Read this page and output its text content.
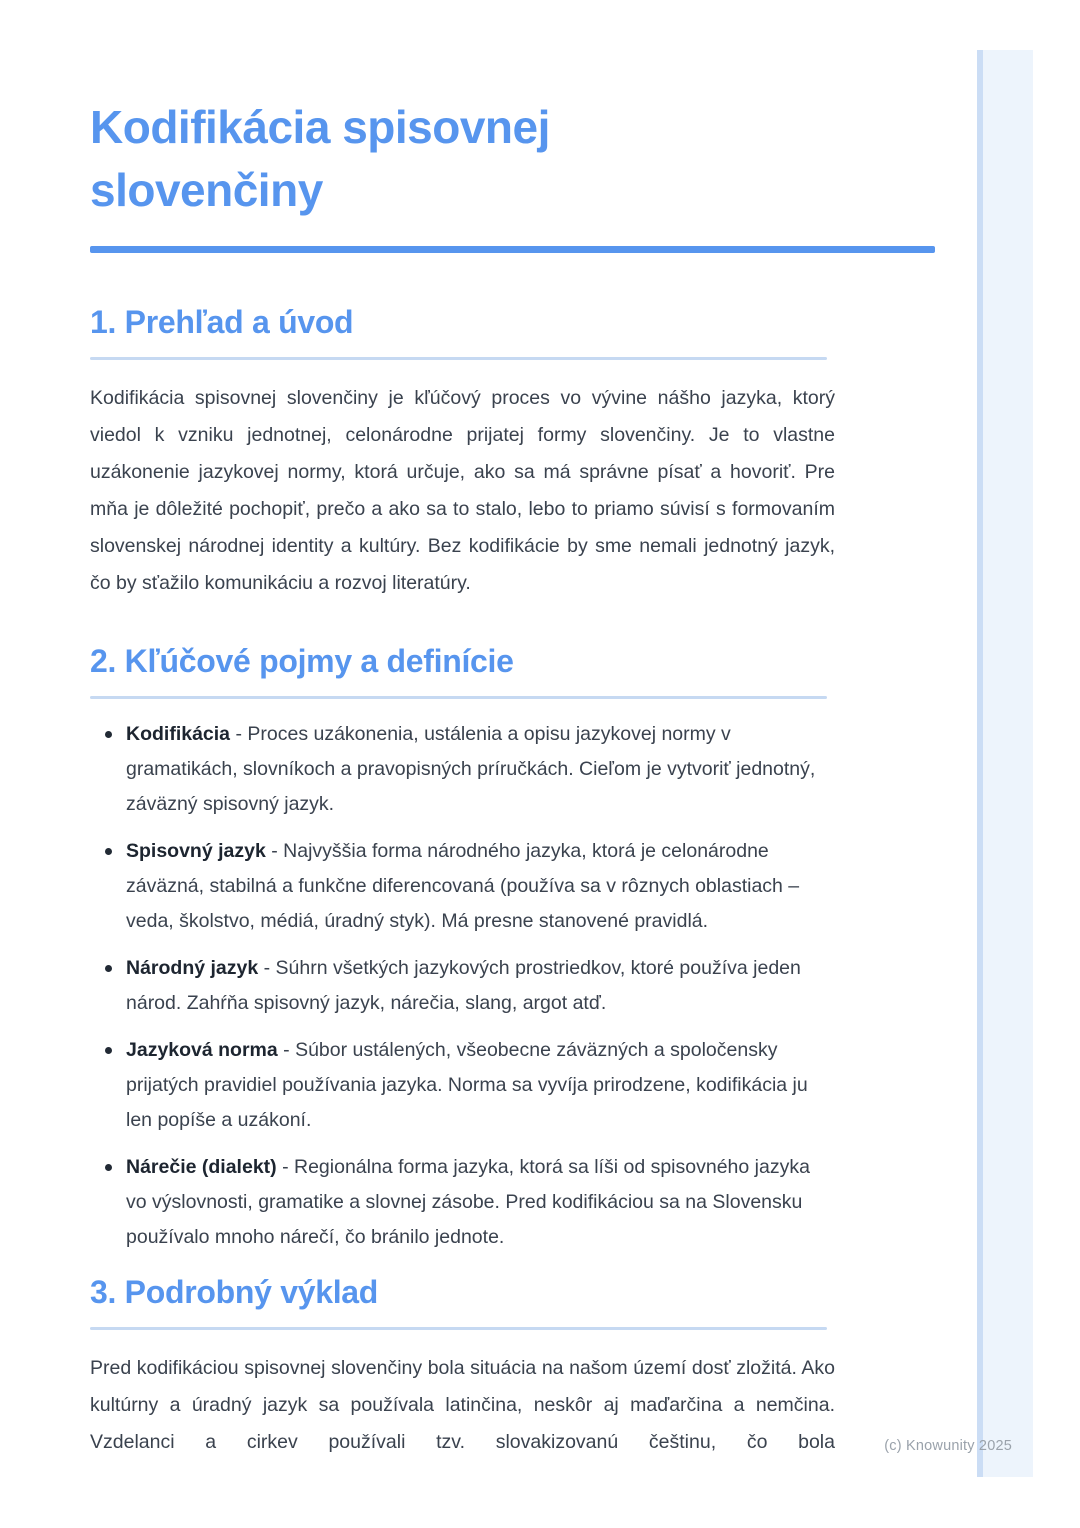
Kodifikácia spisovnej slovenčiny
1. Prehľad a úvod

Kodifikácia spisovnej slovenčiny je kľúčový proces vo vývine nášho jazyka, ktorý viedol k vzniku jednotnej, celonárodne prijatej formy slovenčiny. Je to vlastne uzákonenie jazykovej normy, ktorá určuje, ako sa má správne písať a hovoriť. Pre mňa je dôležité pochopiť, prečo a ako sa to stalo, lebo to priamo súvisí s formovaním slovenskej národnej identity a kultúry. Bez kodifikácie by sme nemali jednotný jazyk, čo by sťažilo komunikáciu a rozvoj literatúry.

2. Kľúčové pojmy a definície
Kodifikácia - Proces uzákonenia, ustálenia a opisu jazykovej normy v gramatikách, slovníkoch a pravopisných príručkách. Cieľom je vytvoriť jednotný, záväzný spisovný jazyk.
Spisovný jazyk - Najvyššia forma národného jazyka, ktorá je celonárodne záväzná, stabilná a funkčne diferencovaná (používa sa v rôznych oblastiach – veda, školstvo, médiá, úradný styk). Má presne stanovené pravidlá.
Národný jazyk - Súhrn všetkých jazykových prostriedkov, ktoré používa jeden národ. Zahŕňa spisovný jazyk, nárečia, slang, argot atď.
Jazyková norma - Súbor ustálených, všeobecne záväzných a spoločensky prijatých pravidiel používania jazyka. Norma sa vyvíja prirodzene, kodifikácia ju len popíše a uzákoní.
Nárečie (dialekt) - Regionálna forma jazyka, ktorá sa líši od spisovného jazyka vo výslovnosti, gramatike a slovnej zásobe. Pred kodifikáciou sa na Slovensku používalo mnoho nárečí, čo bránilo jednote.
3. Podrobný výklad

Pred kodifikáciou spisovnej slovenčiny bola situácia na našom území dosť zložitá. Ako kultúrny a úradný jazyk sa používala latinčina, neskôr aj maďarčina a nemčina. Vzdelanci a cirkev používali tzv. slovakizovanú češtinu, čo bola	(c) Knowunity 2025
